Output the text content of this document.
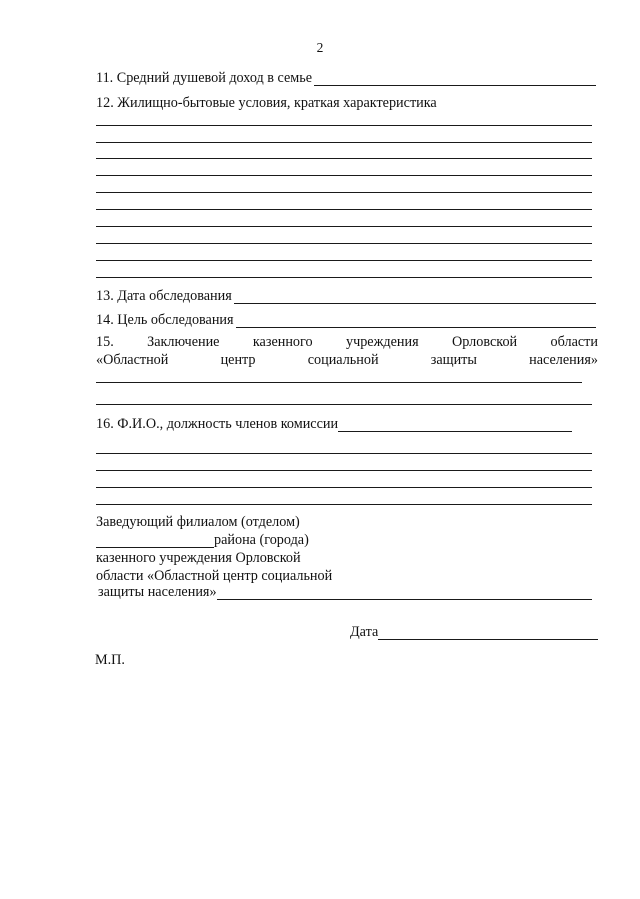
2
11. Средний душевой доход в семье
12. Жилищно-бытовые условия, краткая характеристика
13. Дата обследования
14. Цель обследования
15. Заключение казенного учреждения Орловской области
«Областной	центр	социальной	защиты	населения»
16. Ф.И.О., должность членов комиссии
Заведующий филиалом (отделом)
района (города)
казенного учреждения Орловской
области «Областной центр социальной
защиты населения»
Дата
М.П.
